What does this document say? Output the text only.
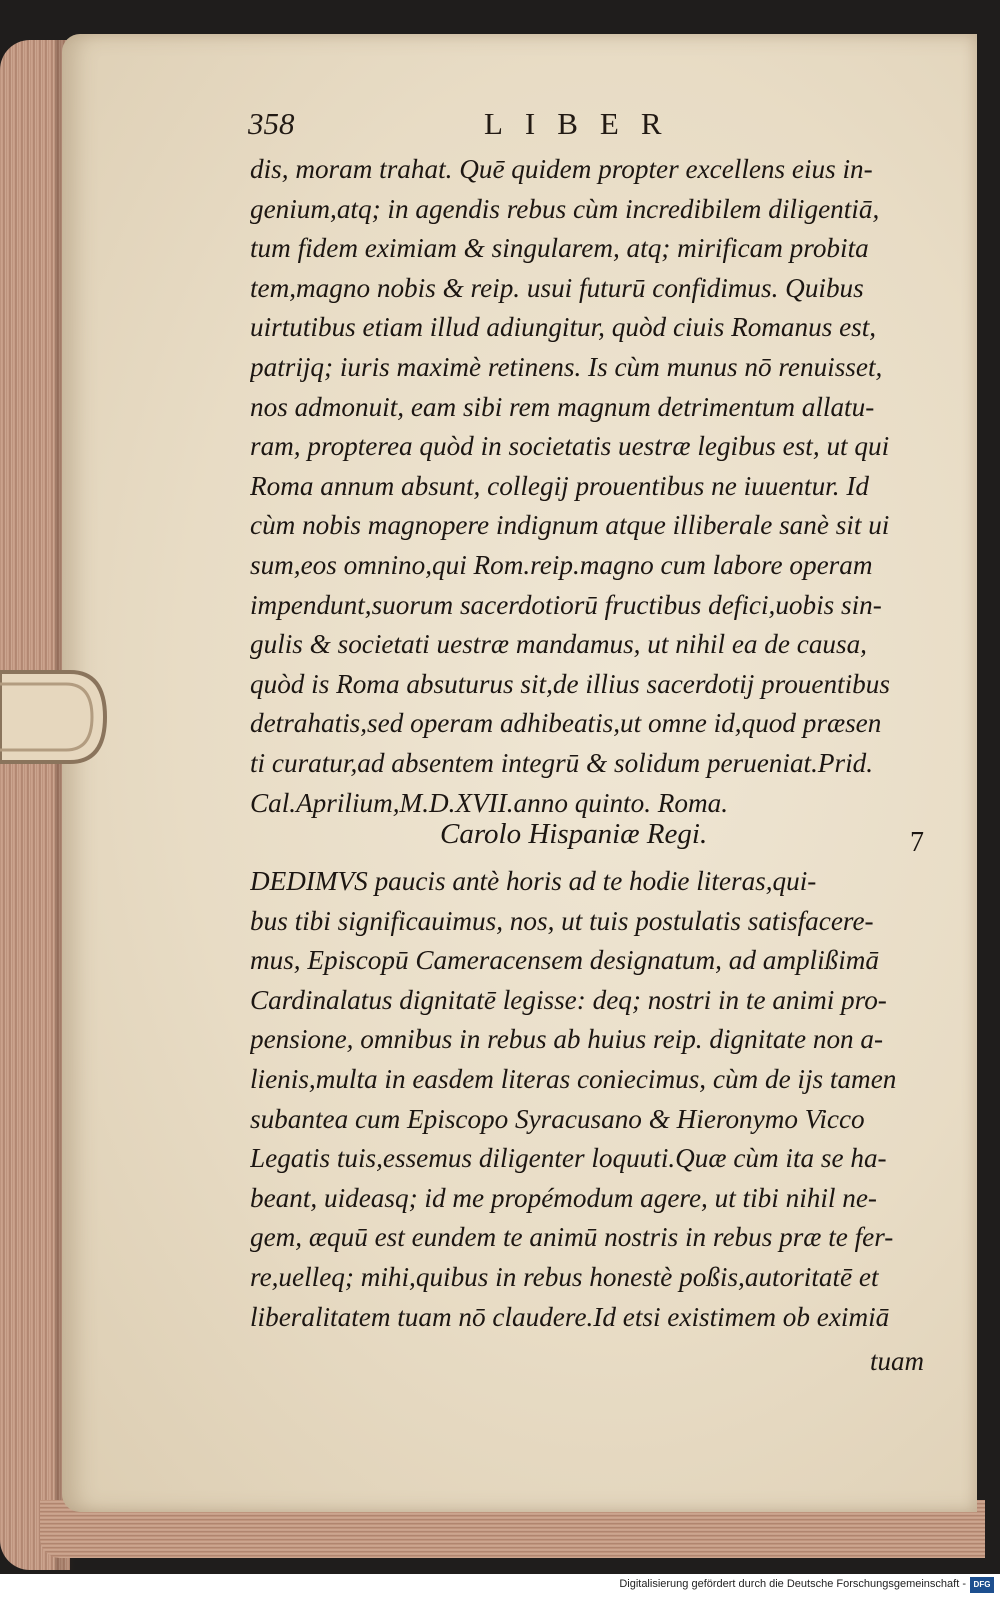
358	LIBER
dis, moram trahat. Quē quidem propter excellens eius in-
genium,atq; in agendis rebus cùm incredibilem diligentiā,
tum fidem eximiam & singularem, atq; mirificam probita
tem,magno nobis & reip. usui futurū confidimus. Quibus
uirtutibus etiam illud adiungitur, quòd ciuis Romanus est,
patrijq; iuris maximè retinens. Is cùm munus nō renuisset,
nos admonuit, eam sibi rem magnum detrimentum allatu-
ram, propterea quòd in societatis uestræ legibus est, ut qui
Roma annum absunt, collegij prouentibus ne iuuentur. Id
cùm nobis magnopere indignum atque illiberale sanè sit ui
sum,eos omnino,qui Rom.reip.magno cum labore operam
impendunt,suorum sacerdotiorū fructibus defici,uobis sin-
gulis & societati uestræ mandamus, ut nihil ea de causa,
quòd is Roma absuturus sit,de illius sacerdotij prouentibus
detrahatis,sed operam adhibeatis,ut omne id,quod præsen
ti curatur,ad absentem integrū & solidum perueniat.Prid.
Cal.Aprilium,M.D.XVII.anno quinto. Roma.
Carolo Hispaniæ Regi.	7
DEDIMVS paucis antè horis ad te hodie literas,qui-
bus tibi significauimus, nos, ut tuis postulatis satisfacere-
mus, Episcopū Cameracensem designatum, ad amplißimā
Cardinalatus dignitatē legisse: deq; nostri in te animi pro-
pensione, omnibus in rebus ab huius reip. dignitate non a-
lienis,multa in easdem literas coniecimus, cùm de ijs tamen
subantea cum Episcopo Syracusano & Hieronymo Vicco
Legatis tuis,essemus diligenter loquuti.Quæ cùm ita se ha-
beant, uideasq; id me propémodum agere, ut tibi nihil ne-
gem, æquū est eundem te animū nostris in rebus præ te fer-
re,uelleq; mihi,quibus in rebus honestè poßis,autoritatē et
liberalitatem tuam nō claudere.Id etsi existimem ob eximiā
tuam
Digitalisierung gefördert durch die Deutsche Forschungsgemeinschaft - DFG
